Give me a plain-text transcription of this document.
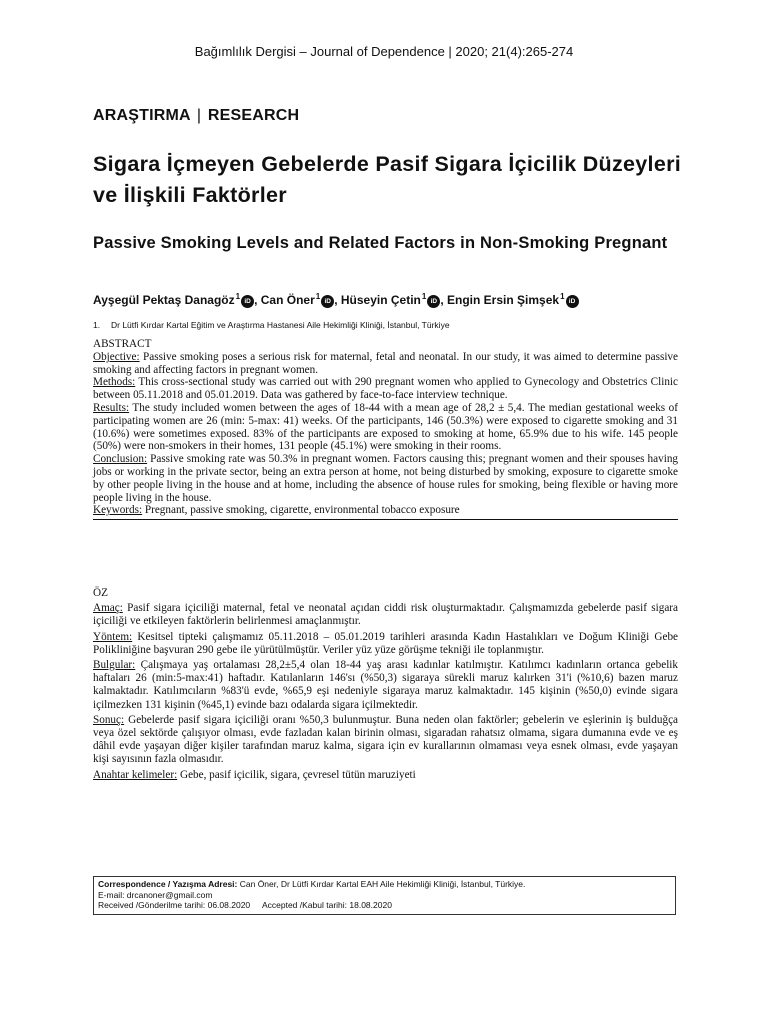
Bağımlılık Dergisi – Journal of Dependence | 2020; 21(4):265-274
ARAŞTIRMA | RESEARCH
Sigara İçmeyen Gebelerde Pasif Sigara İçicilik Düzeyleri ve İlişkili Faktörler
Passive Smoking Levels and Related Factors in Non-Smoking Pregnant
Ayşegül Pektaş Danagöz$^1$iD , Can Öner$^1$iD , Hüseyin Çetin$^1$iD , Engin Ersin Şimşek$^1$iD
1. Dr Lütfi Kırdar Kartal Eğitim ve Araştırma Hastanesi Aile Hekimliği Kliniği, İstanbul, Türkiye

ABSTRACT

Objective: Passive smoking poses a serious risk for maternal, fetal and neonatal. In our study, it was aimed to determine passive smoking and affecting factors in pregnant women.

Methods: This cross-sectional study was carried out with 290 pregnant women who applied to Gynecology and Obstetrics Clinic between 05.11.2018 and 05.01.2019. Data was gathered by face-to-face interview technique.

Results: The study included women between the ages of 18-44 with a mean age of 28,2 ± 5,4. The median gestational weeks of participating women are 26 (min: 5-max: 41) weeks. Of the participants, 146 (50.3%) were exposed to cigarette smoking and 31 (10.6%) were sometimes exposed. 83% of the participants are exposed to smoking at home, 65.9% due to his wife. 145 people (50%) were non-smokers in their homes, 131 people (45.1%) were smoking in their rooms.

Conclusion: Passive smoking rate was 50.3% in pregnant women. Factors causing this; pregnant women and their spouses having jobs or working in the private sector, being an extra person at home, not being disturbed by smoking, exposure to cigarette smoke by other people living in the house and at home, including the absence of house rules for smoking, being flexible or having more people living in the house.

Keywords: Pregnant, passive smoking, cigarette, environmental tobacco exposure

ÖZ

Amaç: Pasif sigara içiciliği maternal, fetal ve neonatal açıdan ciddi risk oluşturmaktadır. Çalışmamızda gebelerde pasif sigara içiciliği ve etkileyen faktörlerin belirlenmesi amaçlanmıştır.

Yöntem: Kesitsel tipteki çalışmamız 05.11.2018 – 05.01.2019 tarihleri arasında Kadın Hastalıkları ve Doğum Kliniği Gebe Polikliniğine başvuran 290 gebe ile yürütülmüştür. Veriler yüz yüze görüşme tekniği ile toplanmıştır.

Bulgular: Çalışmaya yaş ortalaması 28,2±5,4 olan 18-44 yaş arası kadınlar katılmıştır. Katılımcı kadınların ortanca gebelik haftaları 26 (min:5-max:41) haftadır. Katılanların 146'sı (%50,3) sigaraya sürekli maruz kalırken 31'i (%10,6) bazen maruz kalmaktadır. Katılımcıların %83'ü evde, %65,9 eşi nedeniyle sigaraya maruz kalmaktadır. 145 kişinin (%50,0) evinde sigara içilmezken 131 kişinin (%45,1) evinde bazı odalarda sigara içilmektedir.

Sonuç: Gebelerde pasif sigara içiciliği oranı %50,3 bulunmuştur. Buna neden olan faktörler; gebelerin ve eşlerinin iş bulduğça veya özel sektörde çalışıyor olması, evde fazladan kalan birinin olması, sigaradan rahatsız olmama, sigara dumanına evde ve eş dâhil evde yaşayan diğer kişiler tarafından maruz kalma, sigara için ev kurallarının olmaması veya esnek olması, evde yaşayan kişi sayısının fazla olmasıdır.

Anahtar kelimeler: Gebe, pasif içicilik, sigara, çevresel tütün maruziyeti

Correspondence / Yazışma Adresi: Can Öner, Dr Lütfi Kırdar Kartal EAH Aile Hekimliği Kliniği, İstanbul, Türkiye.
E-mail: drcanoner@gmail.com
Received /Gönderilme tarihi: 06.08.2020 Accepted /Kabul tarihi: 18.08.2020
